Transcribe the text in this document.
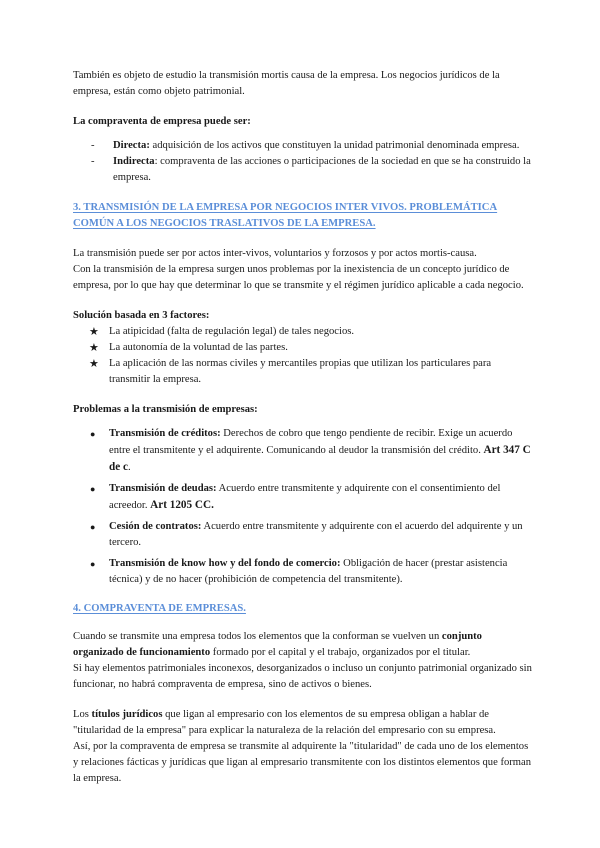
También es objeto de estudio la transmisión mortis causa de la empresa. Los negocios jurídicos de la empresa, están como objeto patrimonial.

La compraventa de empresa puede ser:

- Directa: adquisición de los activos que constituyen la unidad patrimonial denominada empresa.
- Indirecta: compraventa de las acciones o participaciones de la sociedad en que se ha construido la empresa.

3. TRANSMISIÓN DE LA EMPRESA POR NEGOCIOS INTER VIVOS. PROBLEMÁTICA COMÚN A LOS NEGOCIOS TRASLATIVOS DE LA EMPRESA.

La transmisión puede ser por actos inter-vivos, voluntarios y forzosos y por actos mortis-causa.

Con la transmisión de la empresa surgen unos problemas por la inexistencia de un concepto jurídico de empresa, por lo que hay que determinar lo que se transmite y el régimen jurídico aplicable a cada negocio.

Solución basada en 3 factores:

★ La atipicidad (falta de regulación legal) de tales negocios.
★ La autonomía de la voluntad de las partes.
★ La aplicación de las normas civiles y mercantiles propias que utilizan los particulares para transmitir la empresa.

Problemas a la transmisión de empresas:

● Transmisión de créditos: Derechos de cobro que tengo pendiente de recibir. Exige un acuerdo entre el transmitente y el adquirente. Comunicando al deudor la transmisión del crédito. Art 347 C de c.
● Transmisión de deudas: Acuerdo entre transmitente y adquirente con el consentimiento del acreedor. Art 1205 CC.
● Cesión de contratos: Acuerdo entre transmitente y adquirente con el acuerdo del adquirente y un tercero.
● Transmisión de know how y del fondo de comercio: Obligación de hacer (prestar asistencia técnica) y de no hacer (prohibición de competencia del transmitente).

4. COMPRAVENTA DE EMPRESAS.

Cuando se transmite una empresa todos los elementos que la conforman se vuelven un conjunto organizado de funcionamiento formado por el capital y el trabajo, organizados por el titular.

Si hay elementos patrimoniales inconexos, desorganizados o incluso un conjunto patrimonial organizado sin funcionar, no habrá compraventa de empresa, sino de activos o bienes.

Los títulos jurídicos que ligan al empresario con los elementos de su empresa obligan a hablar de "titularidad de la empresa" para explicar la naturaleza de la relación del empresario con su empresa.

Así, por la compraventa de empresa se transmite al adquirente la "titularidad" de cada uno de los elementos y relaciones fácticas y jurídicas que ligan al empresario transmitente con los distintos elementos que forman la empresa.
